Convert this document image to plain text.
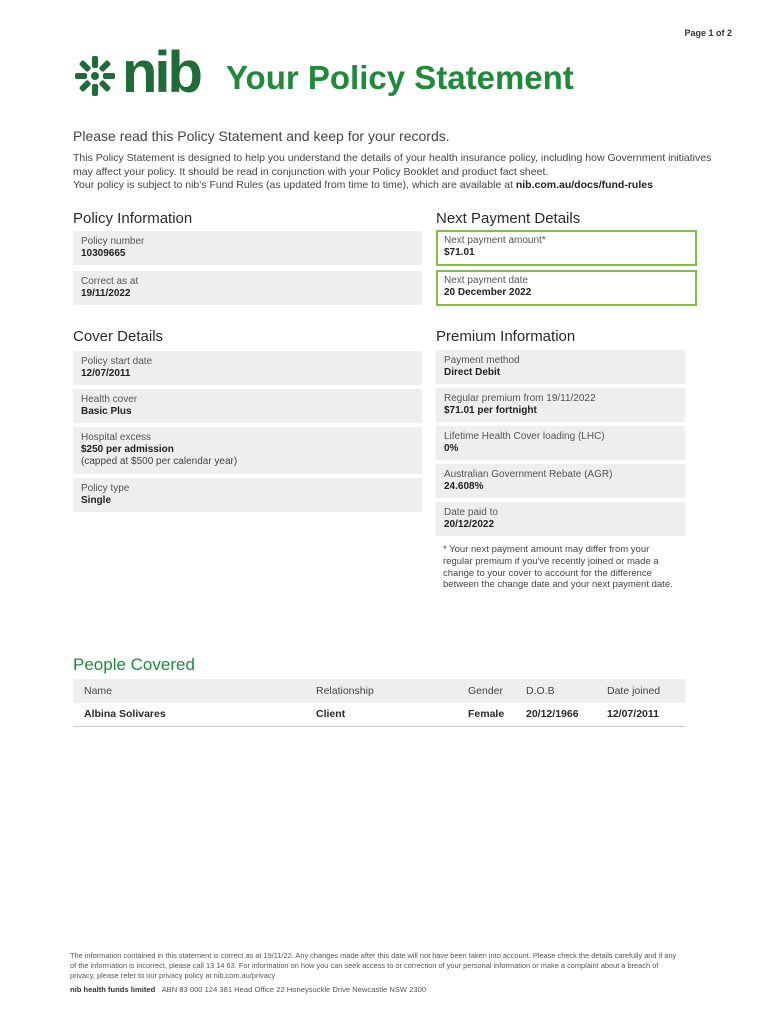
Page 1 of 2
nib Your Policy Statement

Please read this Policy Statement and keep for your records.

This Policy Statement is designed to help you understand the details of your health insurance policy, including how Government initiatives may affect your policy. It should be read in conjunction with your Policy Booklet and product fact sheet.
Your policy is subject to nib's Fund Rules (as updated from time to time), which are available at nib.com.au/docs/fund-rules

Policy Information
Policy number
10309665
Correct as at
19/11/2022
Next Payment Details
Next payment amount*
$71.01
Next payment date
20 December 2022
Cover Details
Policy start date
12/07/2011
Health cover
Basic Plus
Hospital excess
$250 per admission
(capped at $500 per calendar year)
Policy type
Single
Premium Information
Payment method
Direct Debit
Regular premium from 19/11/2022
$71.01 per fortnight
Lifetime Health Cover loading (LHC)
0%
Australian Government Rebate (AGR)
24.608%
Date paid to
20/12/2022
* Your next payment amount may differ from your regular premium if you've recently joined or made a change to your cover to account for the difference between the change date and your next payment date.
People Covered
Name	Relationship	Gender	D.O.B	Date joined
Albina Solivares	Client	Female	20/12/1966	12/07/2011
The information contained in this statement is correct as at 19/11/22. Any changes made after this date will not have been taken into account. Please check the details carefully and if any of the information is incorrect, please call 13 14 63. For information on how you can seek access to or correction of your personal information or make a complaint about a breach of privacy, please refer to our privacy policy at nib.com.au/privacy
nib health funds limited ABN 83 000 124 381 Head Office 22 Honeysuckle Drive Newcastle NSW 2300
